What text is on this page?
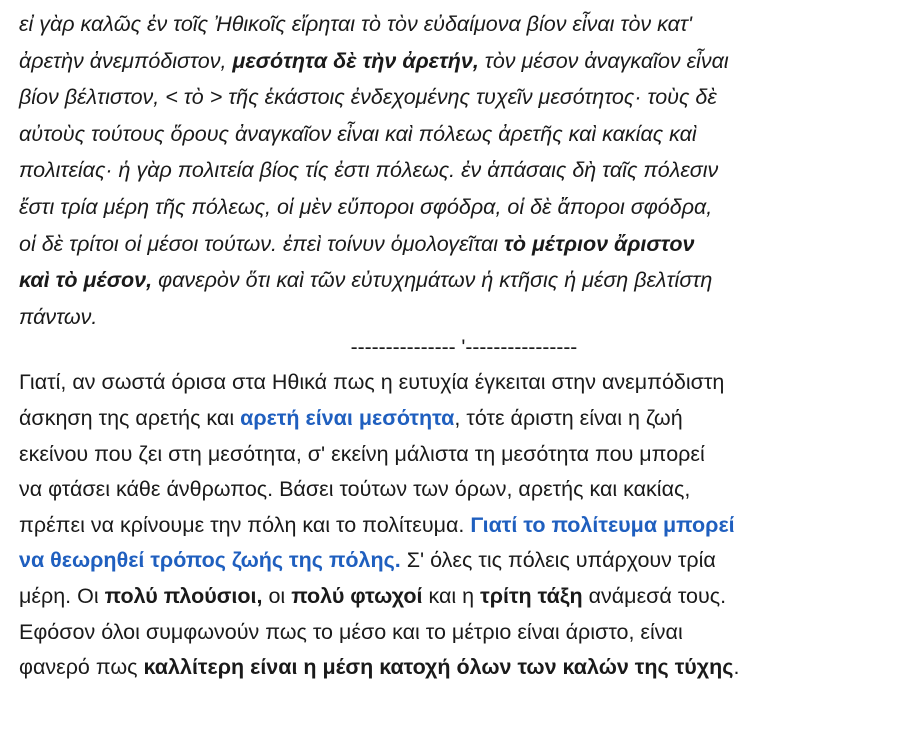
εἰ γὰρ καλῶς ἐν τοῖς Ἠθικοῖς εἴρηται τὸ τὸν εὐδαίμονα βίον εἶναι τὸν κατ'
ἀρετὴν ἀνεμπόδιστον, μεσότητα δὲ τὴν ἀρετήν, τὸν μέσον ἀναγκαῖον εἶναι
βίον βέλτιστον, < τὸ > τῆς ἑκάστοις ἐνδεχομένης τυχεῖν μεσότητος· τοὺς δὲ
αὐτοὺς τούτους ὅρους ἀναγκαῖον εἶναι καὶ πόλεως ἀρετῆς καὶ κακίας καὶ
πολιτείας· ἡ γὰρ πολιτεία βίος τίς ἐστι πόλεως. ἐν ἁπάσαις δὴ ταῖς πόλεσιν
ἔστι τρία μέρη τῆς πόλεως, οἱ μὲν εὔποροι σφόδρα, οἱ δὲ ἄποροι σφόδρα,
οἱ δὲ τρίτοι οἱ μέσοι τούτων. ἐπεὶ τοίνυν ὁμολογεῖται τὸ μέτριον ἄριστον
καὶ τὸ μέσον, φανερὸν ὅτι καὶ τῶν εὐτυχημάτων ἡ κτῆσις ἡ μέση βελτίστη
πάντων.

--------------- '----------------

Γιατί, αν σωστά όρισα στα Ηθικά πως η ευτυχία έγκειται στην ανεμπόδιστη
άσκηση της αρετής και αρετή είναι μεσότητα, τότε άριστη είναι η ζωή
εκείνου που ζει στη μεσότητα, σ' εκείνη μάλιστα τη μεσότητα που μπορεί
να φτάσει κάθε άνθρωπος. Βάσει τούτων των όρων, αρετής και κακίας,
πρέπει να κρίνουμε την πόλη και το πολίτευμα. Γιατί το πολίτευμα μπορεί
να θεωρηθεί τρόπος ζωής της πόλης. Σ' όλες τις πόλεις υπάρχουν τρία
μέρη. Οι πολύ πλούσιοι, οι πολύ φτωχοί και η τρίτη τάξη ανάμεσά τους.
Εφόσον όλοι συμφωνούν πως το μέσο και το μέτριο είναι άριστο, είναι
φανερό πως καλλίτερη είναι η μέση κατοχή όλων των καλών της τύχης.
